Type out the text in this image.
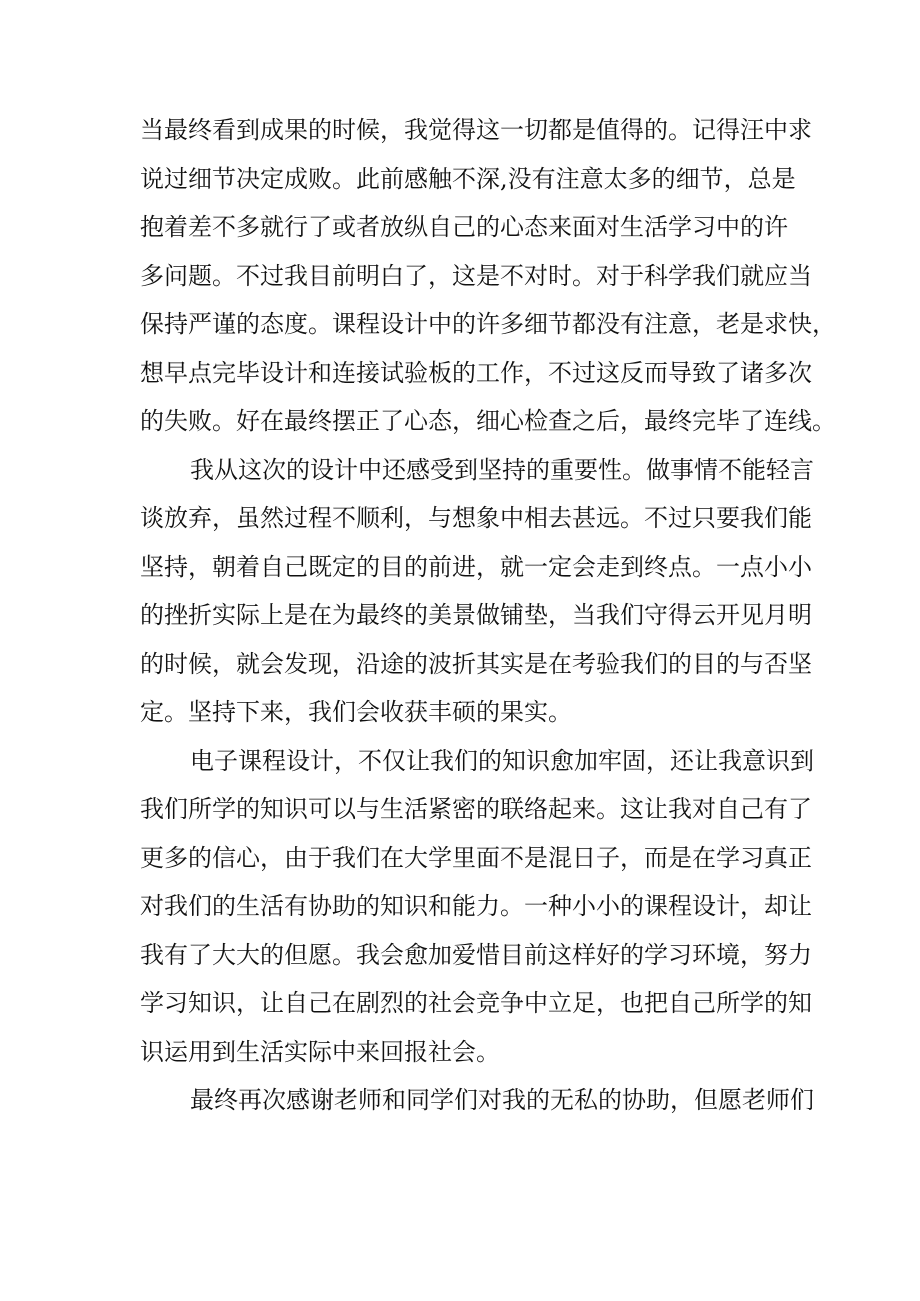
当最终看到成果的时候，我觉得这一切都是值得的。记得汪中求
说过细节决定成败。此前感触不深,没有注意太多的细节，总是
抱着差不多就行了或者放纵自己的心态来面对生活学习中的许
多问题。不过我目前明白了，这是不对时。对于科学我们就应当
保持严谨的态度。课程设计中的许多细节都没有注意，老是求快，
想早点完毕设计和连接试验板的工作，不过这反而导致了诸多次
的失败。好在最终摆正了心态，细心检查之后，最终完毕了连线。
我从这次的设计中还感受到坚持的重要性。做事情不能轻言
谈放弃，虽然过程不顺利，与想象中相去甚远。不过只要我们能
坚持，朝着自己既定的目的前进，就一定会走到终点。一点小小
的挫折实际上是在为最终的美景做铺垫，当我们守得云开见月明
的时候，就会发现，沿途的波折其实是在考验我们的目的与否坚
定。坚持下来，我们会收获丰硕的果实。
电子课程设计，不仅让我们的知识愈加牢固，还让我意识到
我们所学的知识可以与生活紧密的联络起来。这让我对自己有了
更多的信心，由于我们在大学里面不是混日子，而是在学习真正
对我们的生活有协助的知识和能力。一种小小的课程设计，却让
我有了大大的但愿。我会愈加爱惜目前这样好的学习环境，努力
学习知识，让自己在剧烈的社会竞争中立足，也把自己所学的知
识运用到生活实际中来回报社会。
最终再次感谢老师和同学们对我的无私的协助，但愿老师们
